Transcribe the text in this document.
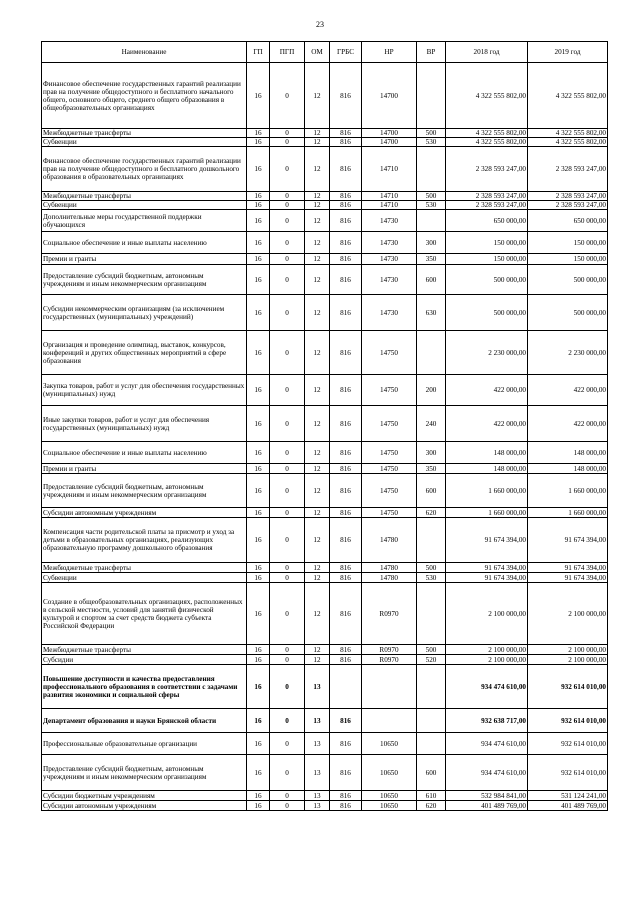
23
Наименование	ГП	ПГП	ОМ	ГРБС	НР	ВР	2018 год	2019 год
Финансовое обеспечение государственных гарантий реализации прав на получение общедоступного и бесплатного начального общего, основного общего, среднего общего образования в общеобразовательных организациях	16	0	12	816	14700		4 322 555 802,00	4 322 555 802,00
Межбюджетные трансферты	16	0	12	816	14700	500	4 322 555 802,00	4 322 555 802,00
Субвенции	16	0	12	816	14700	530	4 322 555 802,00	4 322 555 802,00
Финансовое обеспечение государственных гарантий реализации прав на получение общедоступного и бесплатного дошкольного образования в образовательных организациях	16	0	12	816	14710		2 328 593 247,00	2 328 593 247,00
Межбюджетные трансферты	16	0	12	816	14710	500	2 328 593 247,00	2 328 593 247,00
Субвенции	16	0	12	816	14710	530	2 328 593 247,00	2 328 593 247,00
Дополнительные меры государственной поддержки обучающихся	16	0	12	816	14730		650 000,00	650 000,00
Социальное обеспечение и иные выплаты населению	16	0	12	816	14730	300	150 000,00	150 000,00
Премии и гранты	16	0	12	816	14730	350	150 000,00	150 000,00
Предоставление субсидий бюджетным, автономным учреждениям и иным некоммерческим организациям	16	0	12	816	14730	600	500 000,00	500 000,00
Субсидии некоммерческим организациям (за исключением государственных (муниципальных) учреждений)	16	0	12	816	14730	630	500 000,00	500 000,00
Организация и проведение олимпиад, выставок, конкурсов, конференций и других общественных мероприятий в сфере образования	16	0	12	816	14750		2 230 000,00	2 230 000,00
Закупка товаров, работ и услуг для обеспечения государственных (муниципальных) нужд	16	0	12	816	14750	200	422 000,00	422 000,00
Иные закупки товаров, работ и услуг для обеспечения государственных (муниципальных) нужд	16	0	12	816	14750	240	422 000,00	422 000,00
Социальное обеспечение и иные выплаты населению	16	0	12	816	14750	300	148 000,00	148 000,00
Премии и гранты	16	0	12	816	14750	350	148 000,00	148 000,00
Предоставление субсидий бюджетным, автономным учреждениям и иным некоммерческим организациям	16	0	12	816	14750	600	1 660 000,00	1 660 000,00
Субсидии автономным учреждениям	16	0	12	816	14750	620	1 660 000,00	1 660 000,00
Компенсация части родительской платы за присмотр и уход за детьми в образовательных организациях, реализующих образовательную программу дошкольного образования	16	0	12	816	14780		91 674 394,00	91 674 394,00
Межбюджетные трансферты	16	0	12	816	14780	500	91 674 394,00	91 674 394,00
Субвенции	16	0	12	816	14780	530	91 674 394,00	91 674 394,00
Создание в общеобразовательных организациях, расположенных в сельской местности, условий для занятий физической культурой и спортом за счет средств бюджета субъекта Российской Федерации	16	0	12	816	R0970		2 100 000,00	2 100 000,00
Межбюджетные трансферты	16	0	12	816	R0970	500	2 100 000,00	2 100 000,00
Субсидии	16	0	12	816	R0970	520	2 100 000,00	2 100 000,00
Повышение доступности и качества предоставления профессионального образования в соответствии с задачами развития экономики и социальной сферы	16	0	13				934 474 610,00	932 614 010,00
Департамент образования и науки Брянской области	16	0	13	816			932 638 717,00	932 614 010,00
Профессиональные образовательные организации	16	0	13	816	10650		934 474 610,00	932 614 010,00
Предоставление субсидий бюджетным, автономным учреждениям и иным некоммерческим организациям	16	0	13	816	10650	600	934 474 610,00	932 614 010,00
Субсидии бюджетным учреждениям	16	0	13	816	10650	610	532 984 841,00	531 124 241,00
Субсидии автономным учреждениям	16	0	13	816	10650	620	401 489 769,00	401 489 769,00
